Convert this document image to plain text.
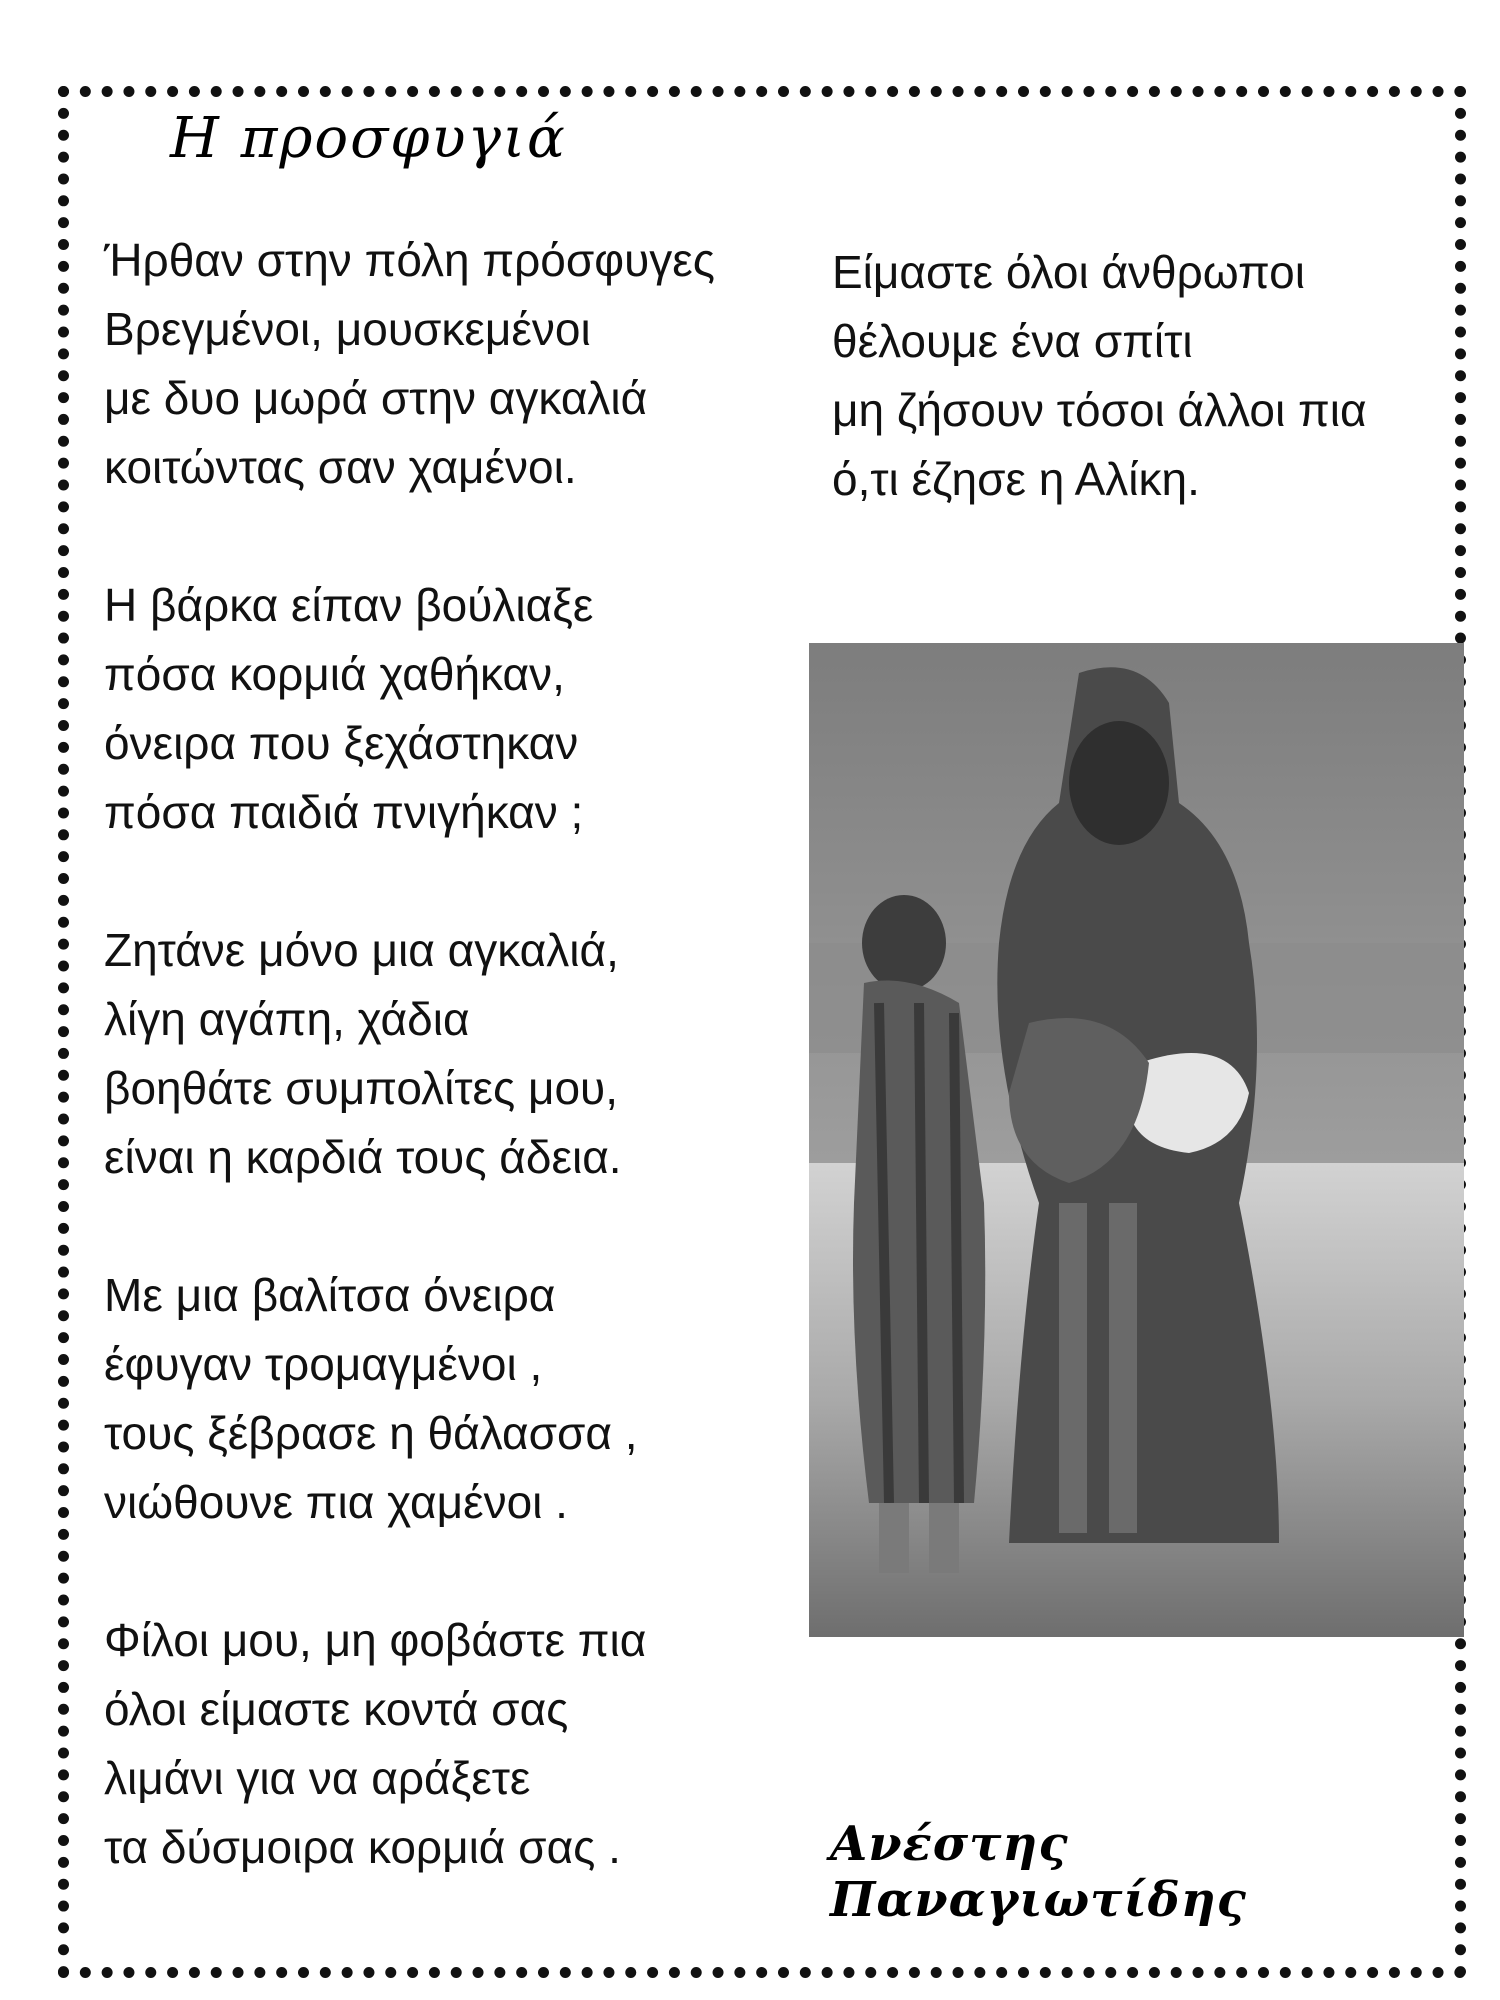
Η προσφυγιά
Ήρθαν στην πόλη πρόσφυγες
Βρεγμένοι, μουσκεμένοι
με δυο μωρά στην αγκαλιά
κοιτώντας σαν χαμένοι.
Η βάρκα είπαν βούλιαξε
πόσα κορμιά χαθήκαν,
όνειρα που ξεχάστηκαν
πόσα παιδιά πνιγήκαν ;
Ζητάνε μόνο μια αγκαλιά,
λίγη αγάπη, χάδια
βοηθάτε συμπολίτες μου,
είναι η καρδιά τους άδεια.
Με μια βαλίτσα όνειρα
έφυγαν τρομαγμένοι ,
τους ξέβρασε η θάλασσα ,
νιώθουνε πια χαμένοι .
Φίλοι μου, μη φοβάστε πια
όλοι είμαστε κοντά σας
λιμάνι για να αράξετε
τα δύσμοιρα κορμιά σας .
Είμαστε όλοι άνθρωποι
θέλουμε ένα σπίτι
μη ζήσουν τόσοι άλλοι πια
ό,τι έζησε η Αλίκη.
Ανέστης Παναγιωτίδης
